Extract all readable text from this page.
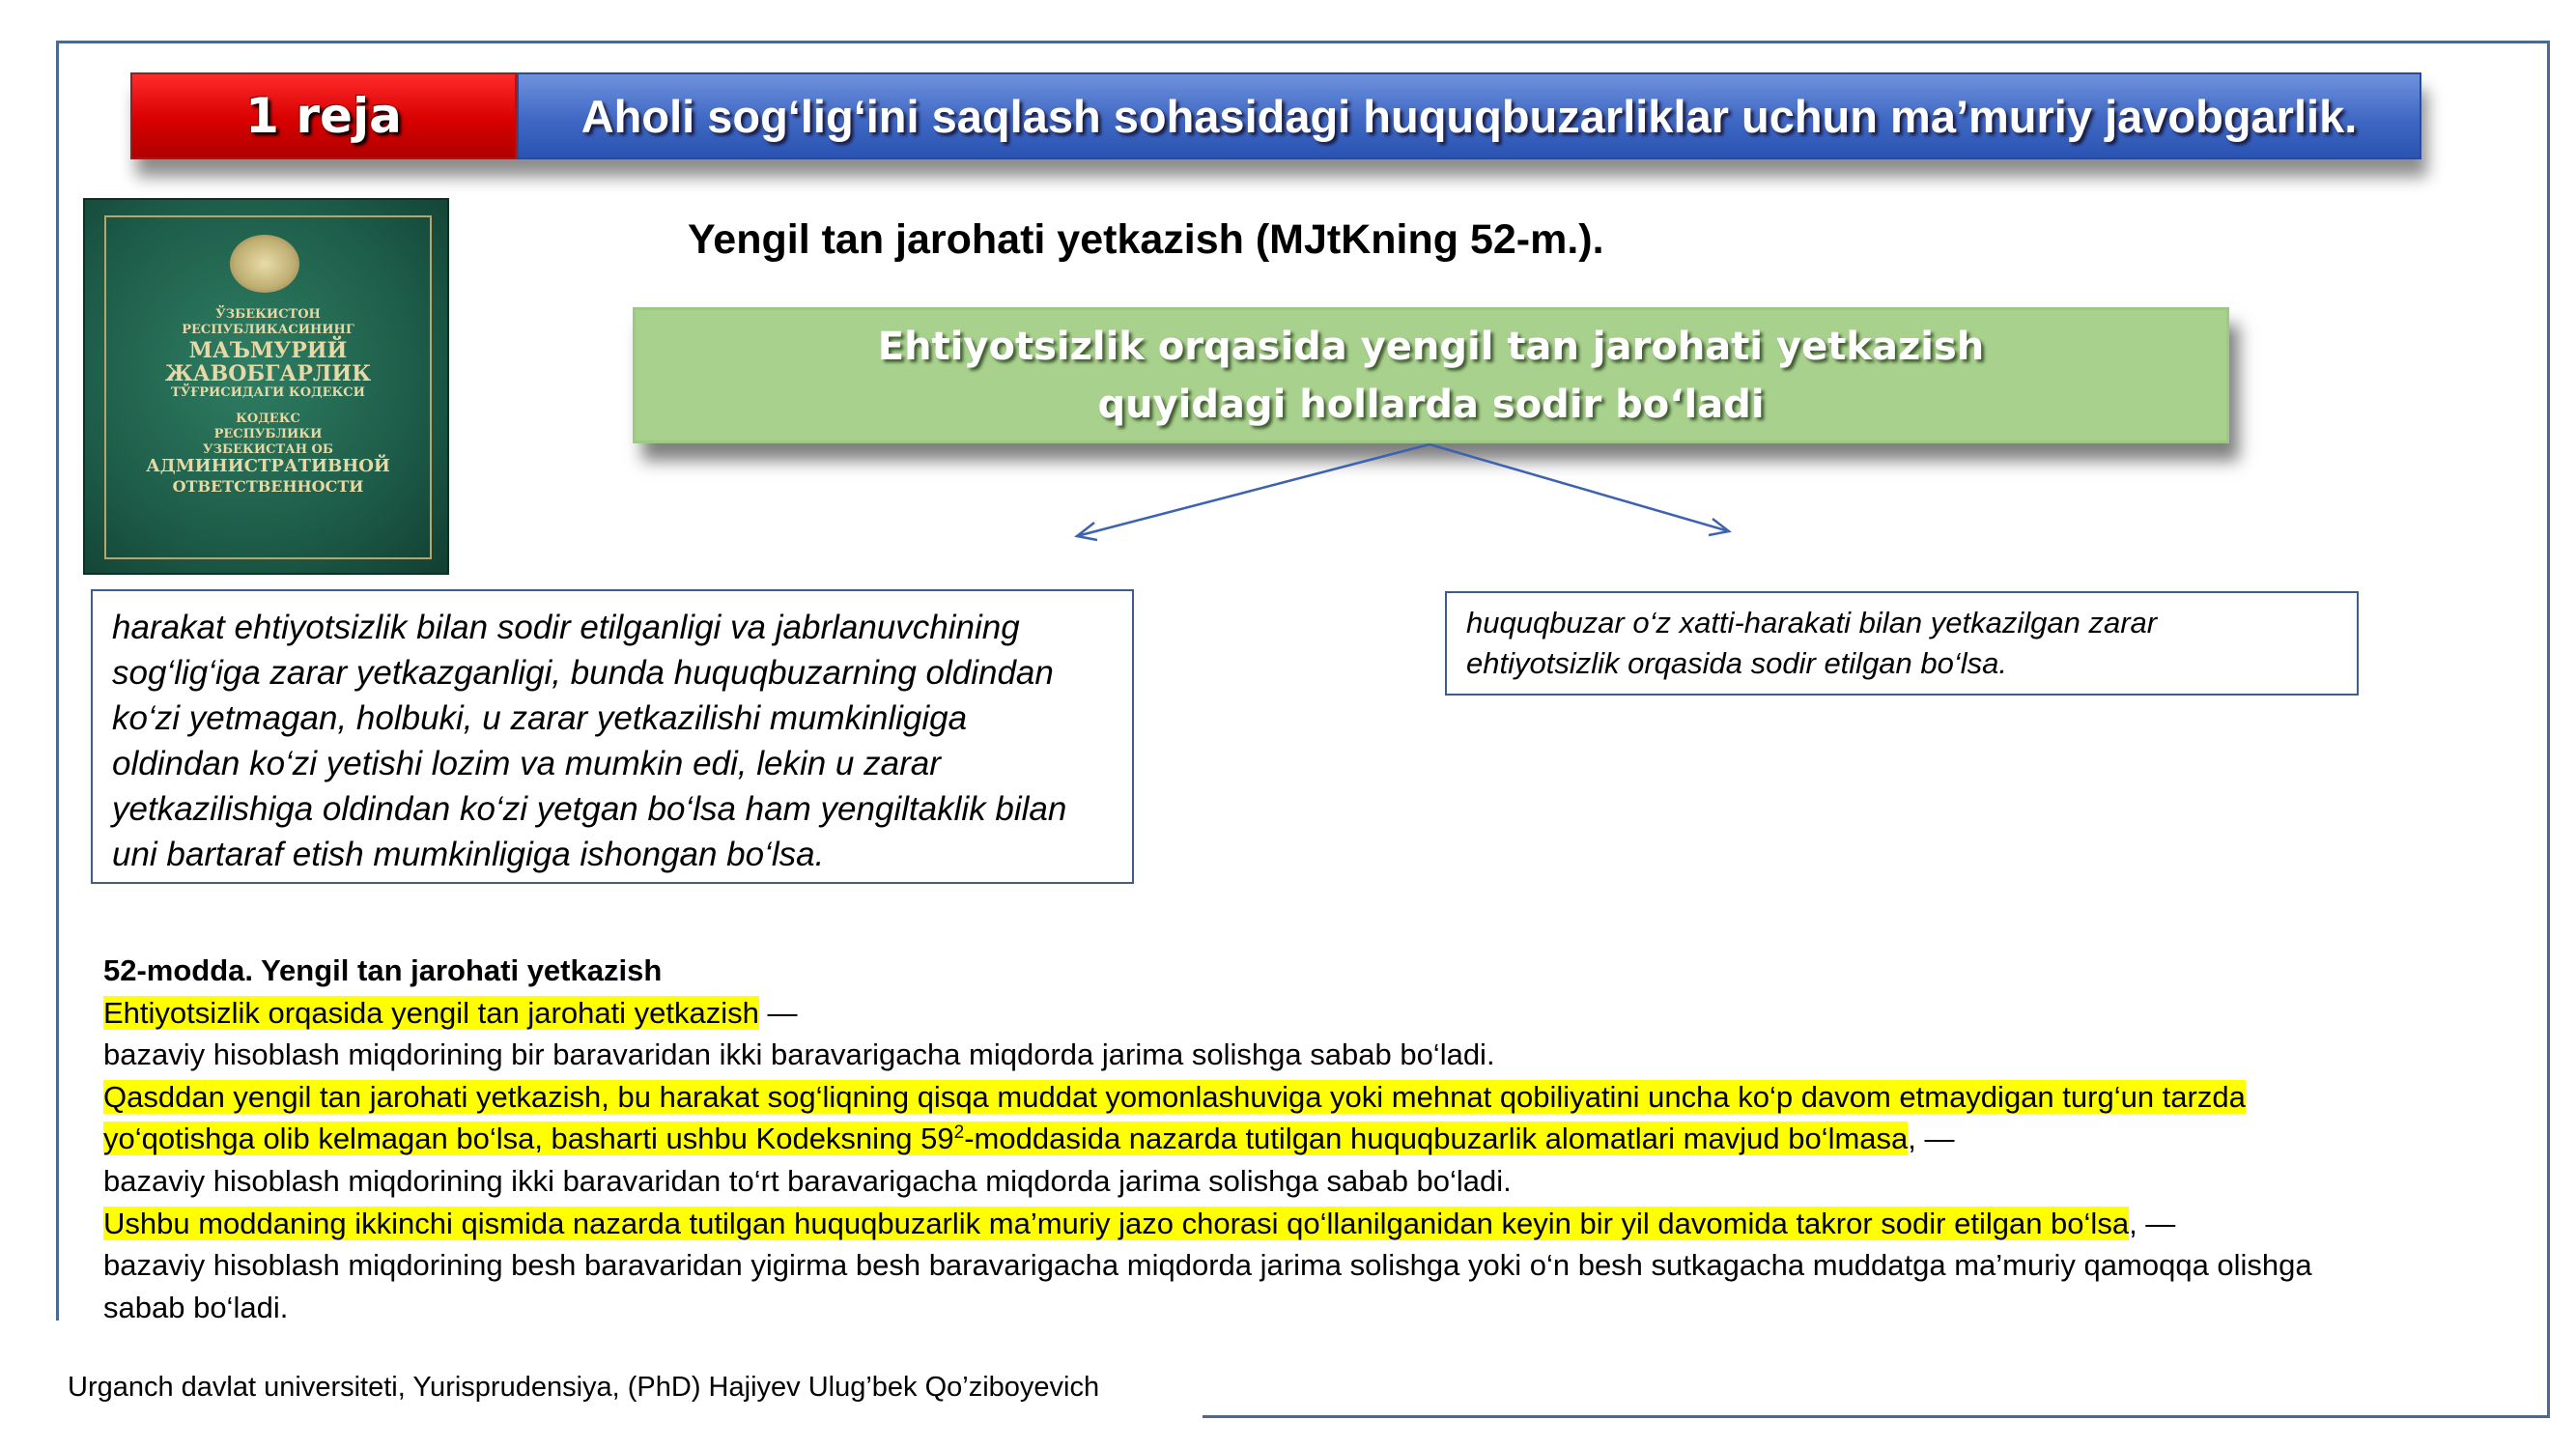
1 reja	Aholi sog‘lig‘ini saqlash sohasidagi huquqbuzarliklar uchun ma’muriy javobgarlik.
ЎЗБЕКИСТОН
РЕСПУБЛИКАСИНИНГ
МАЪМУРИЙ
ЖАВОБГАРЛИК
ТЎҒРИСИДАГИ КОДЕКСИ
КОДЕКС
РЕСПУБЛИКИ
УЗБЕКИСТАН ОБ
АДМИНИСТРАТИВНОЙ
ОТВЕТСТВЕННОСТИ
Yengil tan jarohati yetkazish (MJtKning 52-m.).
Ehtiyotsizlik orqasida yengil tan jarohati yetkazish
quyidagi hollarda sodir bo‘ladi

harakat ehtiyotsizlik bilan sodir etilganligi va jabrlanuvchining

sog‘lig‘iga zarar yetkazganligi, bunda huquqbuzarning oldindan

ko‘zi yetmagan, holbuki, u zarar yetkazilishi mumkinligiga

oldindan ko‘zi yetishi lozim va mumkin edi, lekin u zarar

yetkazilishiga oldindan ko‘zi yetgan bo‘lsa ham yengiltaklik bilan

uni bartaraf etish mumkinligiga ishongan bo‘lsa.

huquqbuzar o‘z xatti-harakati bilan yetkazilgan zarar

ehtiyotsizlik orqasida sodir etilgan bo‘lsa.

52-modda. Yengil tan jarohati yetkazish
Ehtiyotsizlik orqasida yengil tan jarohati yetkazish —
bazaviy hisoblash miqdorining bir baravaridan ikki baravarigacha miqdorda jarima solishga sabab bo‘ladi.
Qasddan yengil tan jarohati yetkazish, bu harakat sog‘liqning qisqa muddat yomonlashuviga yoki mehnat qobiliyatini uncha ko‘p davom etmaydigan turg‘un tarzda
yo‘qotishga olib kelmagan bo‘lsa, basharti ushbu Kodeksning $59^2$-moddasida nazarda tutilgan huquqbuzarlik alomatlari mavjud bo‘lmasa, —
bazaviy hisoblash miqdorining ikki baravaridan to‘rt baravarigacha miqdorda jarima solishga sabab bo‘ladi.
Ushbu moddaning ikkinchi qismida nazarda tutilgan huquqbuzarlik ma’muriy jazo chorasi qo‘llanilganidan keyin bir yil davomida takror sodir etilgan bo‘lsa, —
bazaviy hisoblash miqdorining besh baravaridan yigirma besh baravarigacha miqdorda jarima solishga yoki o‘n besh sutkagacha muddatga ma’muriy qamoqqa olishga
sabab bo‘ladi.
Urganch davlat universiteti, Yurisprudensiya, (PhD) Hajiyev Ulug’bek Qo’ziboyevich
